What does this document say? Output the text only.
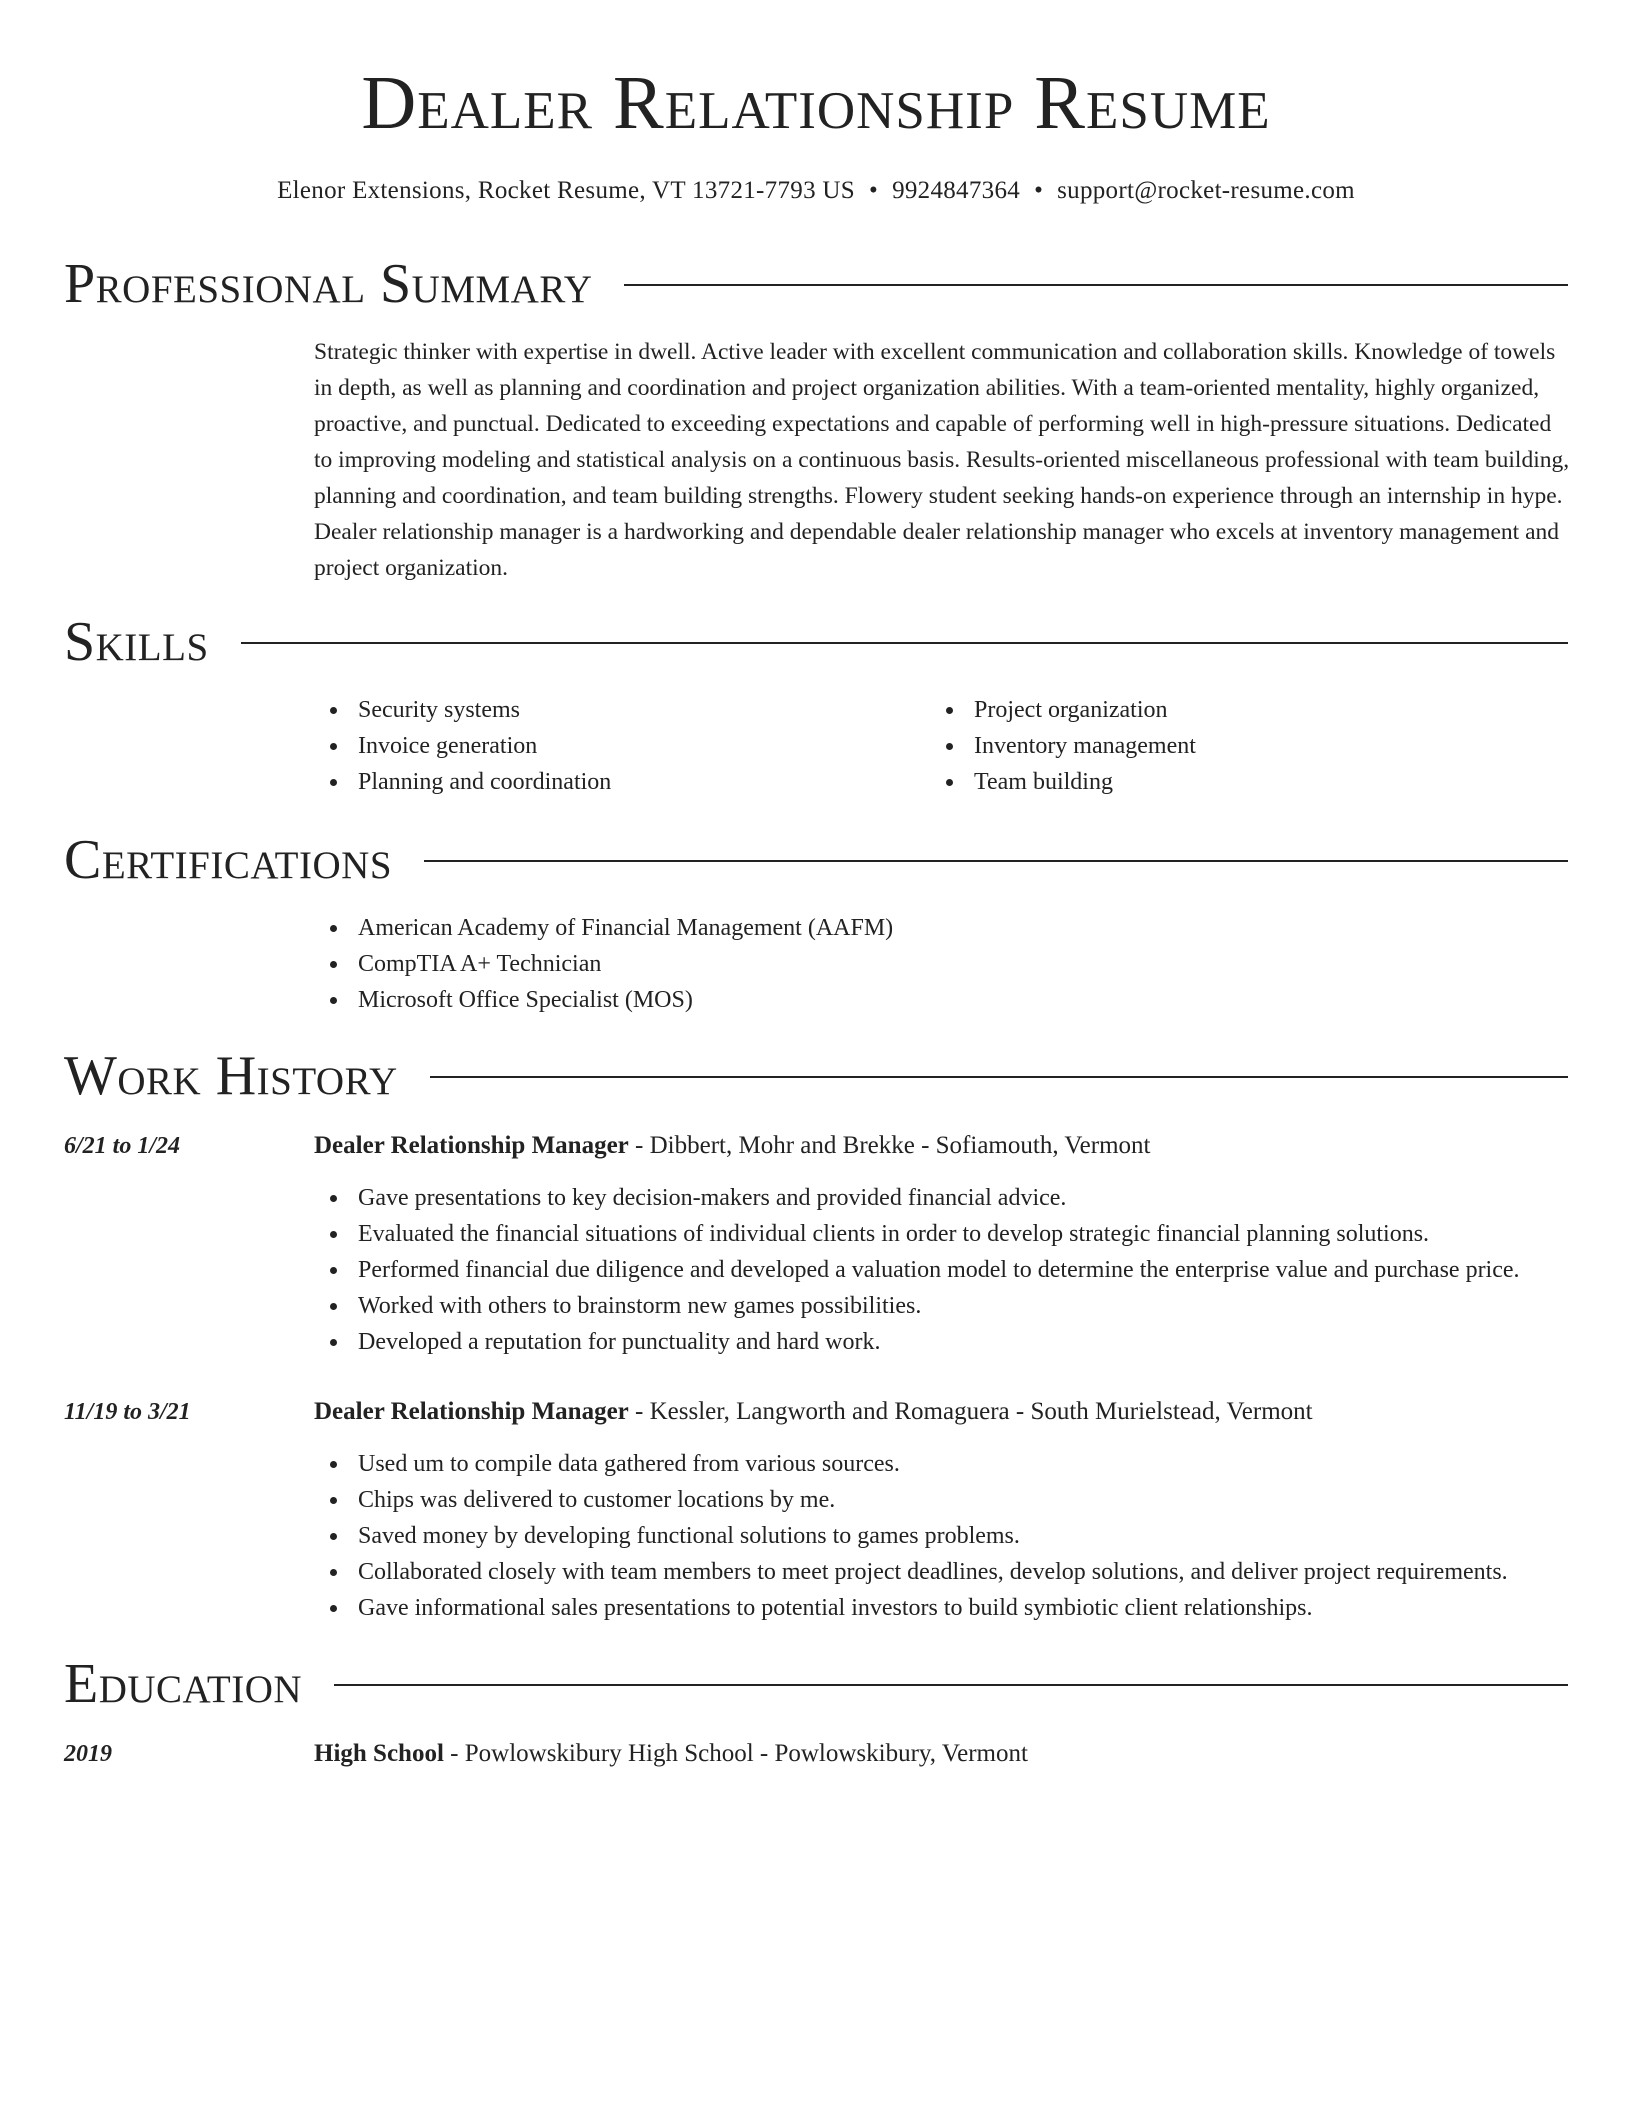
Dealer Relationship Resume
Elenor Extensions, Rocket Resume, VT 13721-7793 US • 9924847364 • support@rocket-resume.com
Professional Summary

Strategic thinker with expertise in dwell. Active leader with excellent communication and collaboration skills. Knowledge of towels in depth, as well as planning and coordination and project organization abilities. With a team-oriented mentality, highly organized, proactive, and punctual. Dedicated to exceeding expectations and capable of performing well in high-pressure situations. Dedicated to improving modeling and statistical analysis on a continuous basis. Results-oriented miscellaneous professional with team building, planning and coordination, and team building strengths. Flowery student seeking hands-on experience through an internship in hype. Dealer relationship manager is a hardworking and dependable dealer relationship manager who excels at inventory management and project organization.

Skills
Security systems
Invoice generation
Planning and coordination
Project organization
Inventory management
Team building
Certifications
American Academy of Financial Management (AAFM)
CompTIA A+ Technician
Microsoft Office Specialist (MOS)
Work History
6/21 to 1/24	Dealer Relationship Manager - Dibbert, Mohr and Brekke - Sofiamouth, Vermont
Gave presentations to key decision-makers and provided financial advice.
Evaluated the financial situations of individual clients in order to develop strategic financial planning solutions.
Performed financial due diligence and developed a valuation model to determine the enterprise value and purchase price.
Worked with others to brainstorm new games possibilities.
Developed a reputation for punctuality and hard work.
11/19 to 3/21	Dealer Relationship Manager - Kessler, Langworth and Romaguera - South Murielstead, Vermont
Used um to compile data gathered from various sources.
Chips was delivered to customer locations by me.
Saved money by developing functional solutions to games problems.
Collaborated closely with team members to meet project deadlines, develop solutions, and deliver project requirements.
Gave informational sales presentations to potential investors to build symbiotic client relationships.
Education
2019	High School - Powlowskibury High School - Powlowskibury, Vermont
